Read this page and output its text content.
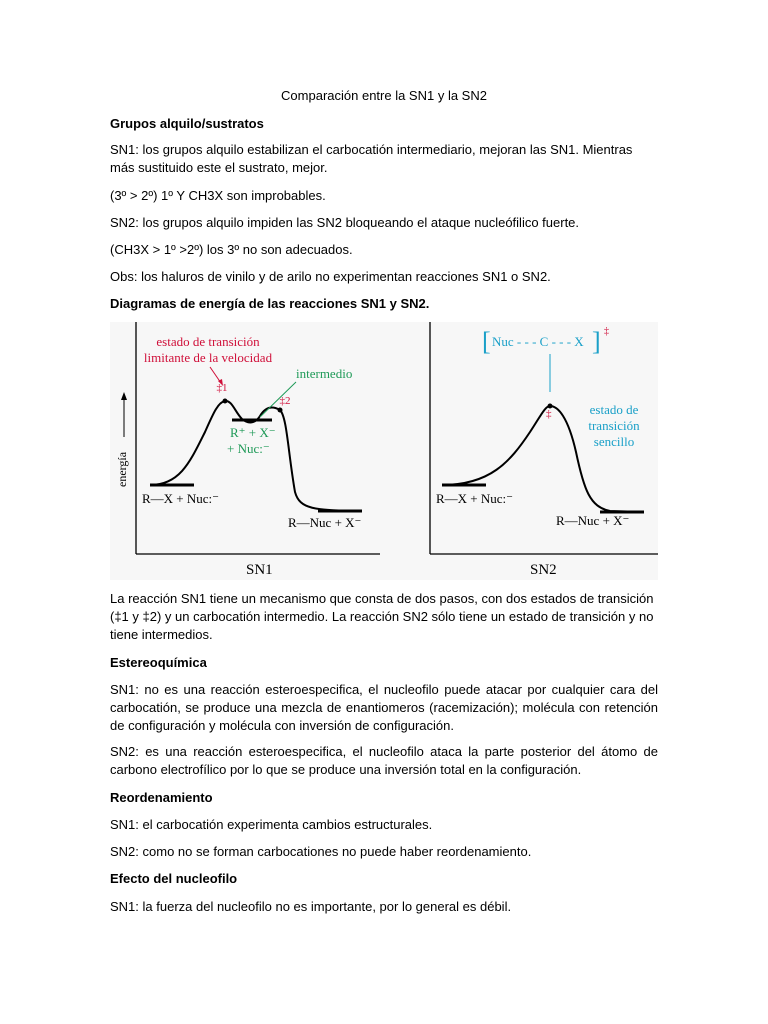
Comparación entre la SN1 y la SN2

Grupos alquilo/sustratos

SN1: los grupos alquilo estabilizan el carbocatión intermediario, mejoran las SN1. Mientras más sustituido este el sustrato, mejor.

(3º > 2º) 1º Y CH3X son improbables.

SN2: los grupos alquilo impiden las SN2 bloqueando el ataque nucleófilico fuerte.

(CH3X > 1º >2º) los 3º no son adecuados.

Obs: los haluros de vinilo y de arilo no experimentan reacciones SN1 o SN2.

Diagramas de energía de las reacciones SN1 y SN2.

energía
estado de transición
limitante de la velocidad
‡1
‡2
intermedio
R⁺ + X⁻
+ Nuc:⁻
R—X + Nuc:⁻
R—Nuc + X⁻
SN1
[ Nuc - - - C - - - X ] ‡
‡	estado de
transición
sencillo
R—X + Nuc:⁻
R—Nuc + X⁻
SN2

La reacción SN1 tiene un mecanismo que consta de dos pasos, con dos estados de transición (‡1 y ‡2) y un carbocatión intermedio. La reacción SN2 sólo tiene un estado de transición y no tiene intermedios.

Estereoquímica

SN1: no es una reacción esteroespecifica, el nucleofilo puede atacar por cualquier cara del carbocatión, se produce una mezcla de enantiomeros (racemización); molécula con retención de configuración y molécula con inversión de configuración.

SN2: es una reacción esteroespecifica, el nucleofilo ataca la parte posterior del átomo de carbono electrofílico por lo que se produce una inversión total en la configuración.

Reordenamiento

SN1: el carbocatión experimenta cambios estructurales.

SN2: como no se forman carbocationes no puede haber reordenamiento.

Efecto del nucleofilo

SN1: la fuerza del nucleofilo no es importante, por lo general es débil.
